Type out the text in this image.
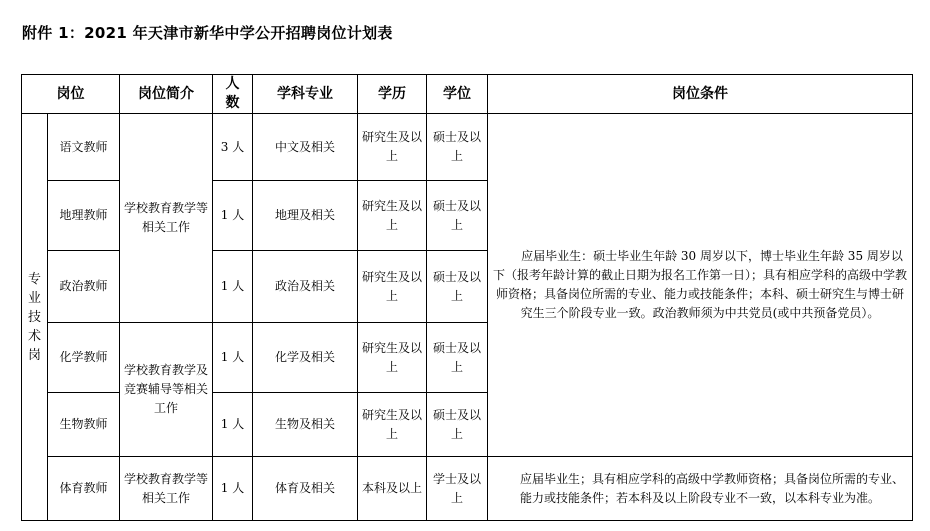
附件 1：2021 年天津市新华中学公开招聘岗位计划表
岗位		岗位简介	人数	学科专业	学历	学位	岗位条件
专业技术岗	语文教师	学校教育教学等相关工作	3 人	中文及相关	研究生及以上	硕士及以上	应届毕业生：硕士毕业生年龄 30 周岁以下，博士毕业生年龄 35 周岁以下（报考年龄计算的截止日期为报名工作第一日）；具有相应学科的高级中学教师资格；具备岗位所需的专业、能力或技能条件；本科、硕士研究生与博士研究生三个阶段专业一致。政治教师须为中共党员(或中共预备党员）。
	地理教师		1 人	地理及相关	研究生及以上	硕士及以上	
	政治教师		1 人	政治及相关	研究生及以上	硕士及以上	
	化学教师	学校教育教学及竞赛辅导等相关工作	1 人	化学及相关	研究生及以上	硕士及以上	
	生物教师		1 人	生物及相关	研究生及以上	硕士及以上	
	体育教师	学校教育教学等相关工作	1 人	体育及相关	本科及以上	学士及以上	应届毕业生；具有相应学科的高级中学教师资格；具备岗位所需的专业、能力或技能条件；若本科及以上阶段专业不一致，以本科专业为准。
